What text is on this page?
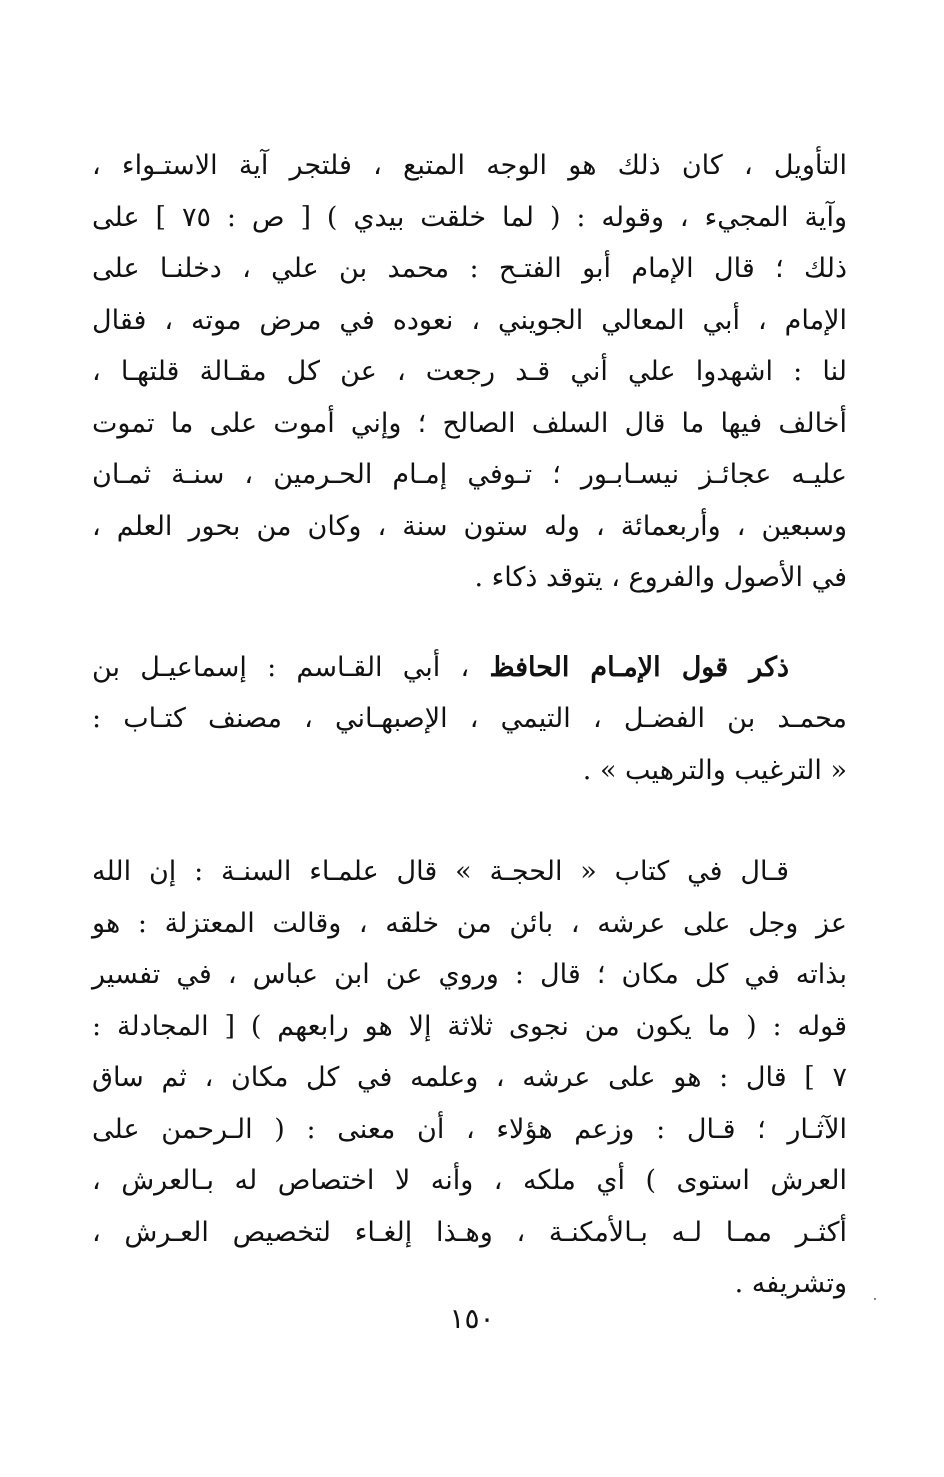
التأويل ، كان ذلك هو الوجه المتبع ، فلتجر آية الاستـواء ،
وآية المجيء ، وقوله : ( لما خلقت بيدي ) [ ص : ٧٥ ] على
ذلك ؛ قال الإمام أبو الفتـح : محمد بن علي ، دخلنـا على
الإمام ، أبي المعالي الجويني ، نعوده في مرض موته ، فقال
لنا : اشهدوا علي أني قـد رجعت ، عن كل مقـالة قلتهـا ،
أخالف فيها ما قال السلف الصالح ؛ وإني أموت على ما تموت
عليـه عجائـز نيسـابـور ؛ تـوفي إمـام الحـرمين ، سنـة ثمـان
وسبعين ، وأربعمائة ، وله ستون سنة ، وكان من بحور العلم ،
في الأصول والفروع ، يتوقد ذكاء .

ذكر قول الإمـام الحافظ ، أبي القـاسم : إسماعيـل بن
محمـد بن الفضـل ، التيمي ، الإصبهـاني ، مصنف كتـاب :
« الترغيب والترهيب » .

قـال في كتاب « الحجـة » قال علمـاء السنـة : إن الله
عز وجل على عرشه ، بائن من خلقه ، وقالت المعتزلة : هو
بذاته في كل مكان ؛ قال : وروي عن ابن عباس ، في تفسير
قوله : ( ما يكون من نجوى ثلاثة إلا هو رابعهم ) [ المجادلة :
٧ ] قال : هو على عرشه ، وعلمه في كل مكان ، ثم ساق
الآثـار ؛ قـال : وزعم هؤلاء ، أن معنى : ( الـرحمن على
العرش استوى ) أي ملكه ، وأنه لا اختصاص له بـالعرش ،
أكثـر ممـا لـه بـالأمكنـة ، وهـذا إلغـاء لتخصيص العـرش ،
وتشريفه .

١٥٠
